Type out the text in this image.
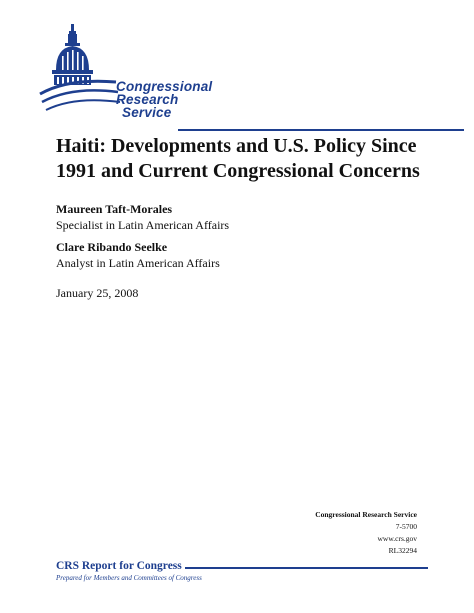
Congressional
Research
Service
Haiti: Developments and U.S. Policy Since 1991 and Current Congressional Concerns
Maureen Taft-Morales
Specialist in Latin American Affairs
Clare Ribando Seelke
Analyst in Latin American Affairs
January 25, 2008
Congressional Research Service
7-5700
www.crs.gov
RL32294
CRS Report for Congress
Prepared for Members and Committees of Congress
